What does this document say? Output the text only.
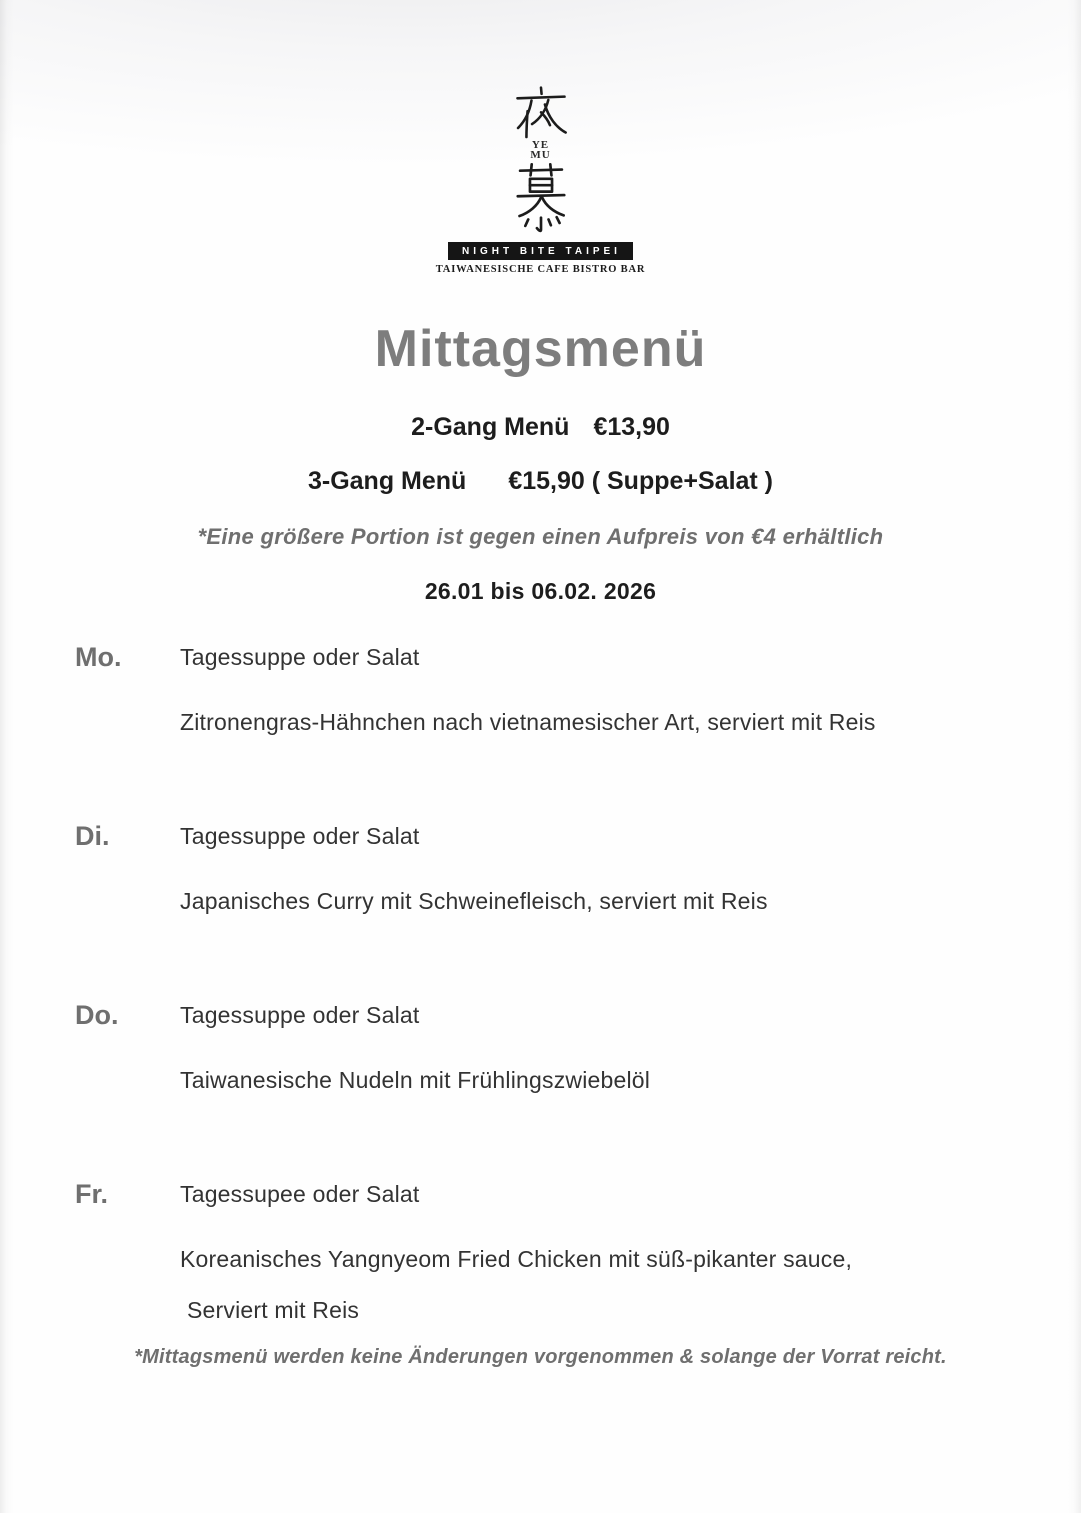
YE
MU
NIGHT BITE TAIPEI
TAIWANESISCHE CAFE BISTRO BAR
Mittagsmenü
2-Gang Menü €13,90
3-Gang Menü €15,90 ( Suppe+Salat )
*Eine größere Portion ist gegen einen Aufpreis von €4 erhältlich
26.01 bis 06.02. 2026
Mo.	Tagessuppe oder Salat
Zitronengras-Hähnchen nach vietnamesischer Art, serviert mit Reis
Di.	Tagessuppe oder Salat
Japanisches Curry mit Schweinefleisch, serviert mit Reis
Do.	Tagessuppe oder Salat
Taiwanesische Nudeln mit Frühlingszwiebelöl
Fr.	Tagessupee oder Salat
Koreanisches Yangnyeom Fried Chicken mit süß-pikanter sauce,
Serviert mit Reis
*Mittagsmenü werden keine Änderungen vorgenommen & solange der Vorrat reicht.
